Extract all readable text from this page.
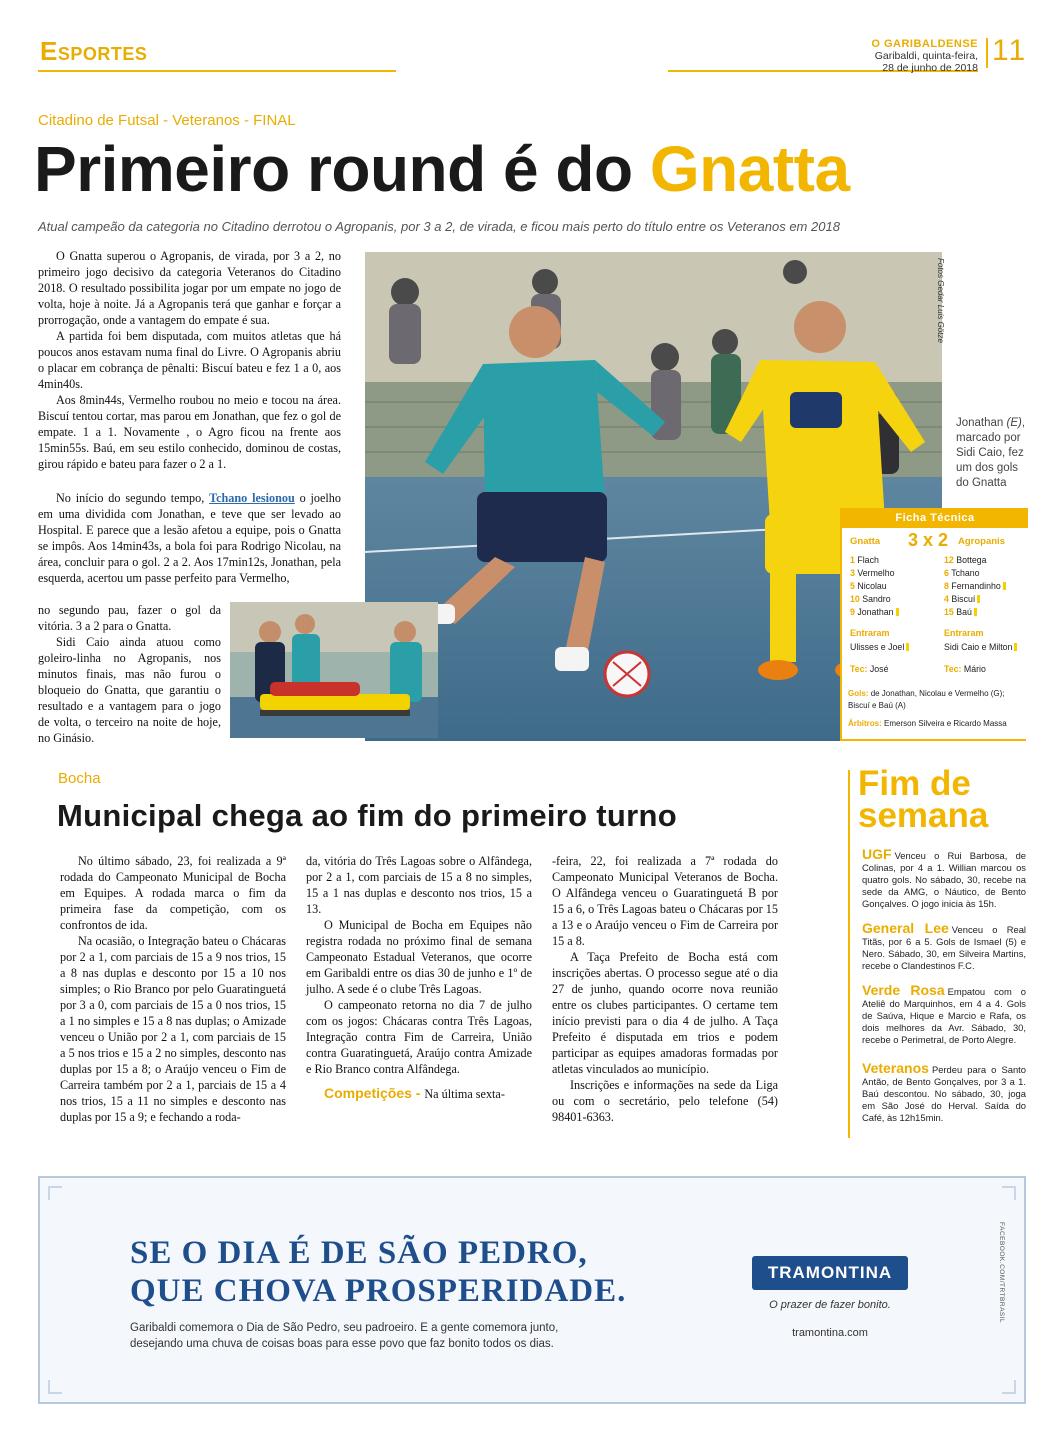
Esportes	O GARIBALDENSE
Garibaldi, quinta-feira,
28 de junho de 2018
11
Citadino de Futsal - Veteranos - FINAL
Primeiro round é do Gnatta
Atual campeão da categoria no Citadino derrotou o Agropanis, por 3 a 2, de virada, e ficou mais perto do título entre os Veteranos em 2018

O Gnatta superou o Agropanis, de virada, por 3 a 2, no primeiro jogo decisivo da categoria Veteranos do Citadino 2018. O resultado possibilita jogar por um empate no jogo de volta, hoje à noite. Já a Agropanis terá que ganhar e forçar a prorrogação, onde a vantagem do empate é sua.

A partida foi bem disputada, com muitos atletas que há poucos anos estavam numa final do Livre. O Agropanis abriu o placar em cobrança de pênalti: Biscuí bateu e fez 1 a 0, aos 4min40s.

Aos 8min44s, Vermelho roubou no meio e tocou na área. Biscuí tentou cortar, mas parou em Jonathan, que fez o gol de empate. 1 a 1. Novamente , o Agro ficou na frente aos 15min55s. Baú, em seu estilo conhecido, dominou de costas, girou rápido e bateu para fazer o 2 a 1.

No início do segundo tempo, Tchano lesionou o joelho em uma dividida com Jonathan, e teve que ser levado ao Hospital. E parece que a lesão afetou a equipe, pois o Gnatta se impôs. Aos 14min43s, a bola foi para Rodrigo Nicolau, na área, concluir para o gol. 2 a 2. Aos 17min12s, Jonathan, pela esquerda, acertou um passe perfeito para Vermelho,

no segundo pau, fazer o gol da vitória. 3 a 2 para o Gnatta.

Sidi Caio ainda atuou como goleiro-linha no Agropanis, nos minutos finais, mas não furou o bloqueio do Gnatta, que garantiu o resultado e a vantagem para o jogo de volta, o terceiro na noite de hoje, no Ginásio.

Fotos Gedar Luis Götze
Jonathan (E), marcado por Sidi Caio, fez um dos gols do Gnatta
Ficha Técnica
Gnatta 3 x 2 Agropanis
1 Flach
3 Vermelho
5 Nicolau
10 Sandro
9 Jonathan
12 Bottega
6 Tchano
8 Fernandinho
4 Biscuí
15 Baú
Entraram
Ulisses e Joel
Entraram
Sidi Caio e Milton
Tec: José	Tec: Mário
Gols: de Jonathan, Nicolau e Vermelho (G); Biscuí e Baú (A)
Árbitros: Emerson Silveira e Ricardo Massa
Bocha
Municipal chega ao fim do primeiro turno

No último sábado, 23, foi realizada a 9ª rodada do Campeonato Municipal de Bocha em Equipes. A rodada marca o fim da primeira fase da competição, com os confrontos de ida.

Na ocasião, o Integração bateu o Chácaras por 2 a 1, com parciais de 15 a 9 nos trios, 15 a 8 nas duplas e desconto por 15 a 10 nos simples; o Rio Branco por pelo Guaratinguetá por 3 a 0, com parciais de 15 a 0 nos trios, 15 a 1 no simples e 15 a 8 nas duplas; o Amizade venceu o União por 2 a 1, com parciais de 15 a 5 nos trios e 15 a 2 no simples, desconto nas duplas por 15 a 8; o Araújo venceu o Fim de Carreira também por 2 a 1, parciais de 15 a 4 nos trios, 15 a 11 no simples e desconto nas duplas por 15 a 9; e fechando a roda-

da, vitória do Três Lagoas sobre o Alfândega, por 2 a 1, com parciais de 15 a 8 no simples, 15 a 1 nas duplas e desconto nos trios, 15 a 13.

O Municipal de Bocha em Equipes não registra rodada no próximo final de semana Campeonato Estadual Veteranos, que ocorre em Garibaldi entre os dias 30 de junho e 1º de julho. A sede é o clube Três Lagoas.

O campeonato retorna no dia 7 de julho com os jogos: Chácaras contra Três Lagoas, Integração contra Fim de Carreira, União contra Guaratinguetá, Araújo contra Amizade e Rio Branco contra Alfândega.

Competições - Na última sexta-

-feira, 22, foi realizada a 7ª rodada do Campeonato Municipal Veteranos de Bocha. O Alfândega venceu o Guaratinguetá B por 15 a 6, o Três Lagoas bateu o Chácaras por 15 a 13 e o Araújo venceu o Fim de Carreira por 15 a 8.

A Taça Prefeito de Bocha está com inscrições abertas. O processo segue até o dia 27 de junho, quando ocorre nova reunião entre os clubes participantes. O certame tem início previsti para o dia 4 de julho. A Taça Prefeito é disputada em trios e podem participar as equipes amadoras formadas por atletas vinculados ao município.

Inscrições e informações na sede da Liga ou com o secretário, pelo telefone (54) 98401-6363.

Fim de
semana
UGF Venceu o Rui Barbosa, de Colinas, por 4 a 1. Willian marcou os quatro gols. No sábado, 30, recebe na sede da AMG, o Náutico, de Bento Gonçalves. O jogo inicia às 15h.
General Lee Venceu o Real Titãs, por 6 a 5. Gols de Ismael (5) e Nero. Sábado, 30, em Silveira Martins, recebe o Clandestinos F.C.
Verde Rosa Empatou com o Ateliê do Marquinhos, em 4 a 4. Gols de Saúva, Hique e Marcio e Rafa, os dois melhores da Avr. Sábado, 30, recebe o Perimetral, de Porto Alegre.
Veteranos Perdeu para o Santo Antão, de Bento Gonçalves, por 3 a 1. Baú descontou. No sábado, 30, joga em São José do Herval. Saída do Café, às 12h15min.
SE O DIA É DE SÃO PEDRO,
QUE CHOVA PROSPERIDADE.
Garibaldi comemora o Dia de São Pedro, seu padroeiro. E a gente comemora junto,
desejando uma chuva de coisas boas para esse povo que faz bonito todos os dias.
TRAMONTINA
O prazer de fazer bonito.
tramontina.com
FACEBOOK.COM/TRTBRASIL
